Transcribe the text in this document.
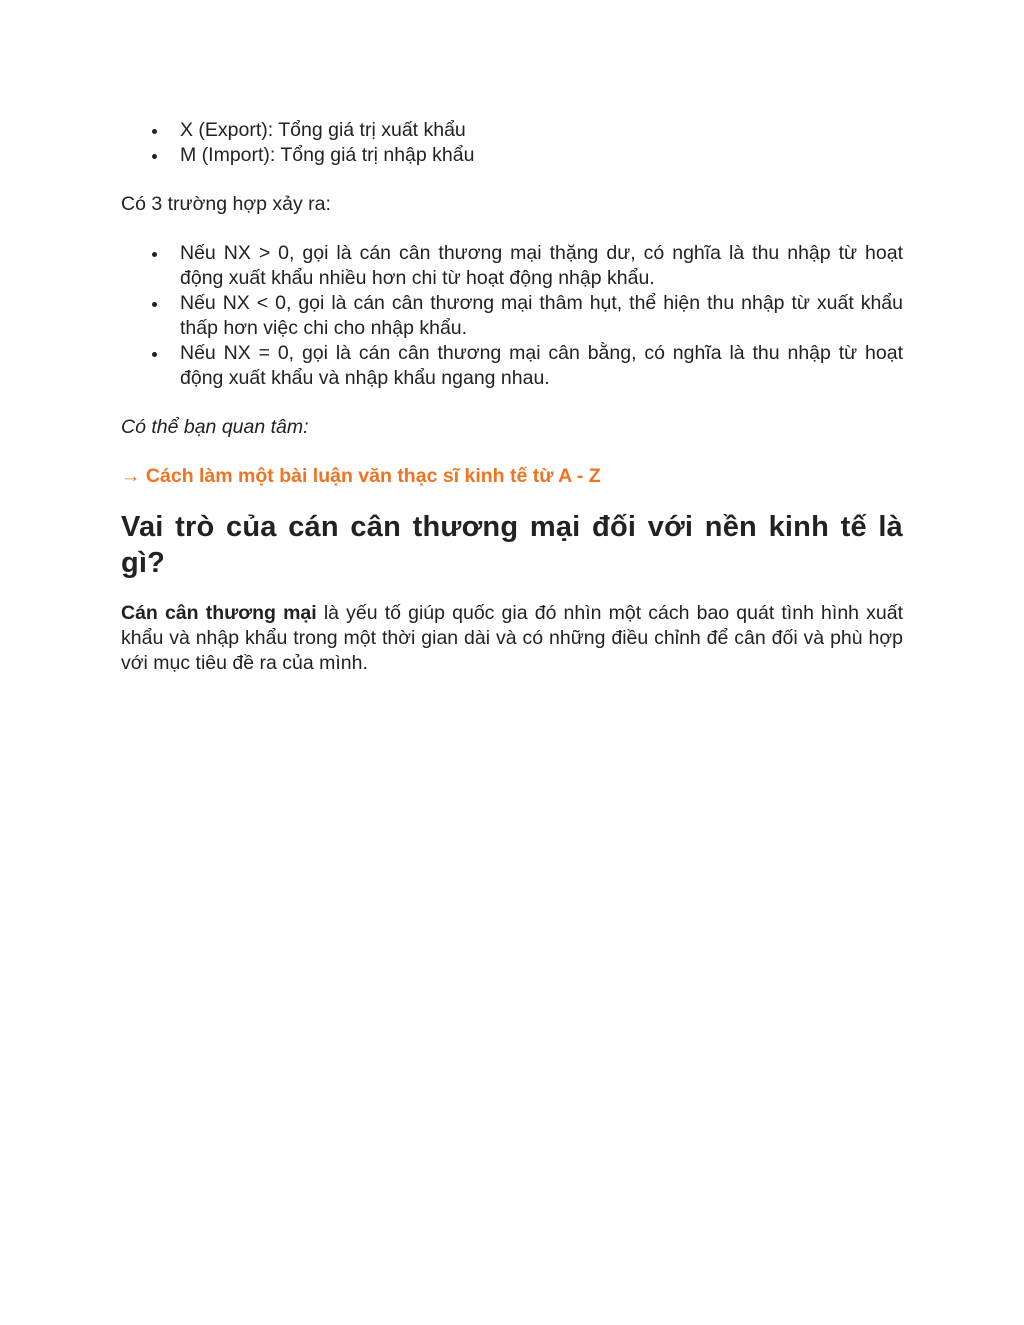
X (Export): Tổng giá trị xuất khẩu
M (Import): Tổng giá trị nhập khẩu

Có 3 trường hợp xảy ra:

Nếu NX > 0, gọi là cán cân thương mại thặng dư, có nghĩa là thu nhập từ hoạt động xuất khẩu nhiều hơn chi từ hoạt động nhập khẩu.
Nếu NX < 0, gọi là cán cân thương mại thâm hụt, thể hiện thu nhập từ xuất khẩu thấp hơn việc chi cho nhập khẩu.
Nếu NX = 0, gọi là cán cân thương mại cân bằng, có nghĩa là thu nhập từ hoạt động xuất khẩu và nhập khẩu ngang nhau.

Có thể bạn quan tâm:

→ Cách làm một bài luận văn thạc sĩ kinh tế từ A - Z
Vai trò của cán cân thương mại đối với nền kinh tế là gì?

Cán cân thương mại là yếu tố giúp quốc gia đó nhìn một cách bao quát tình hình xuất khẩu và nhập khẩu trong một thời gian dài và có những điều chỉnh để cân đối và phù hợp với mục tiêu đề ra của mình.
